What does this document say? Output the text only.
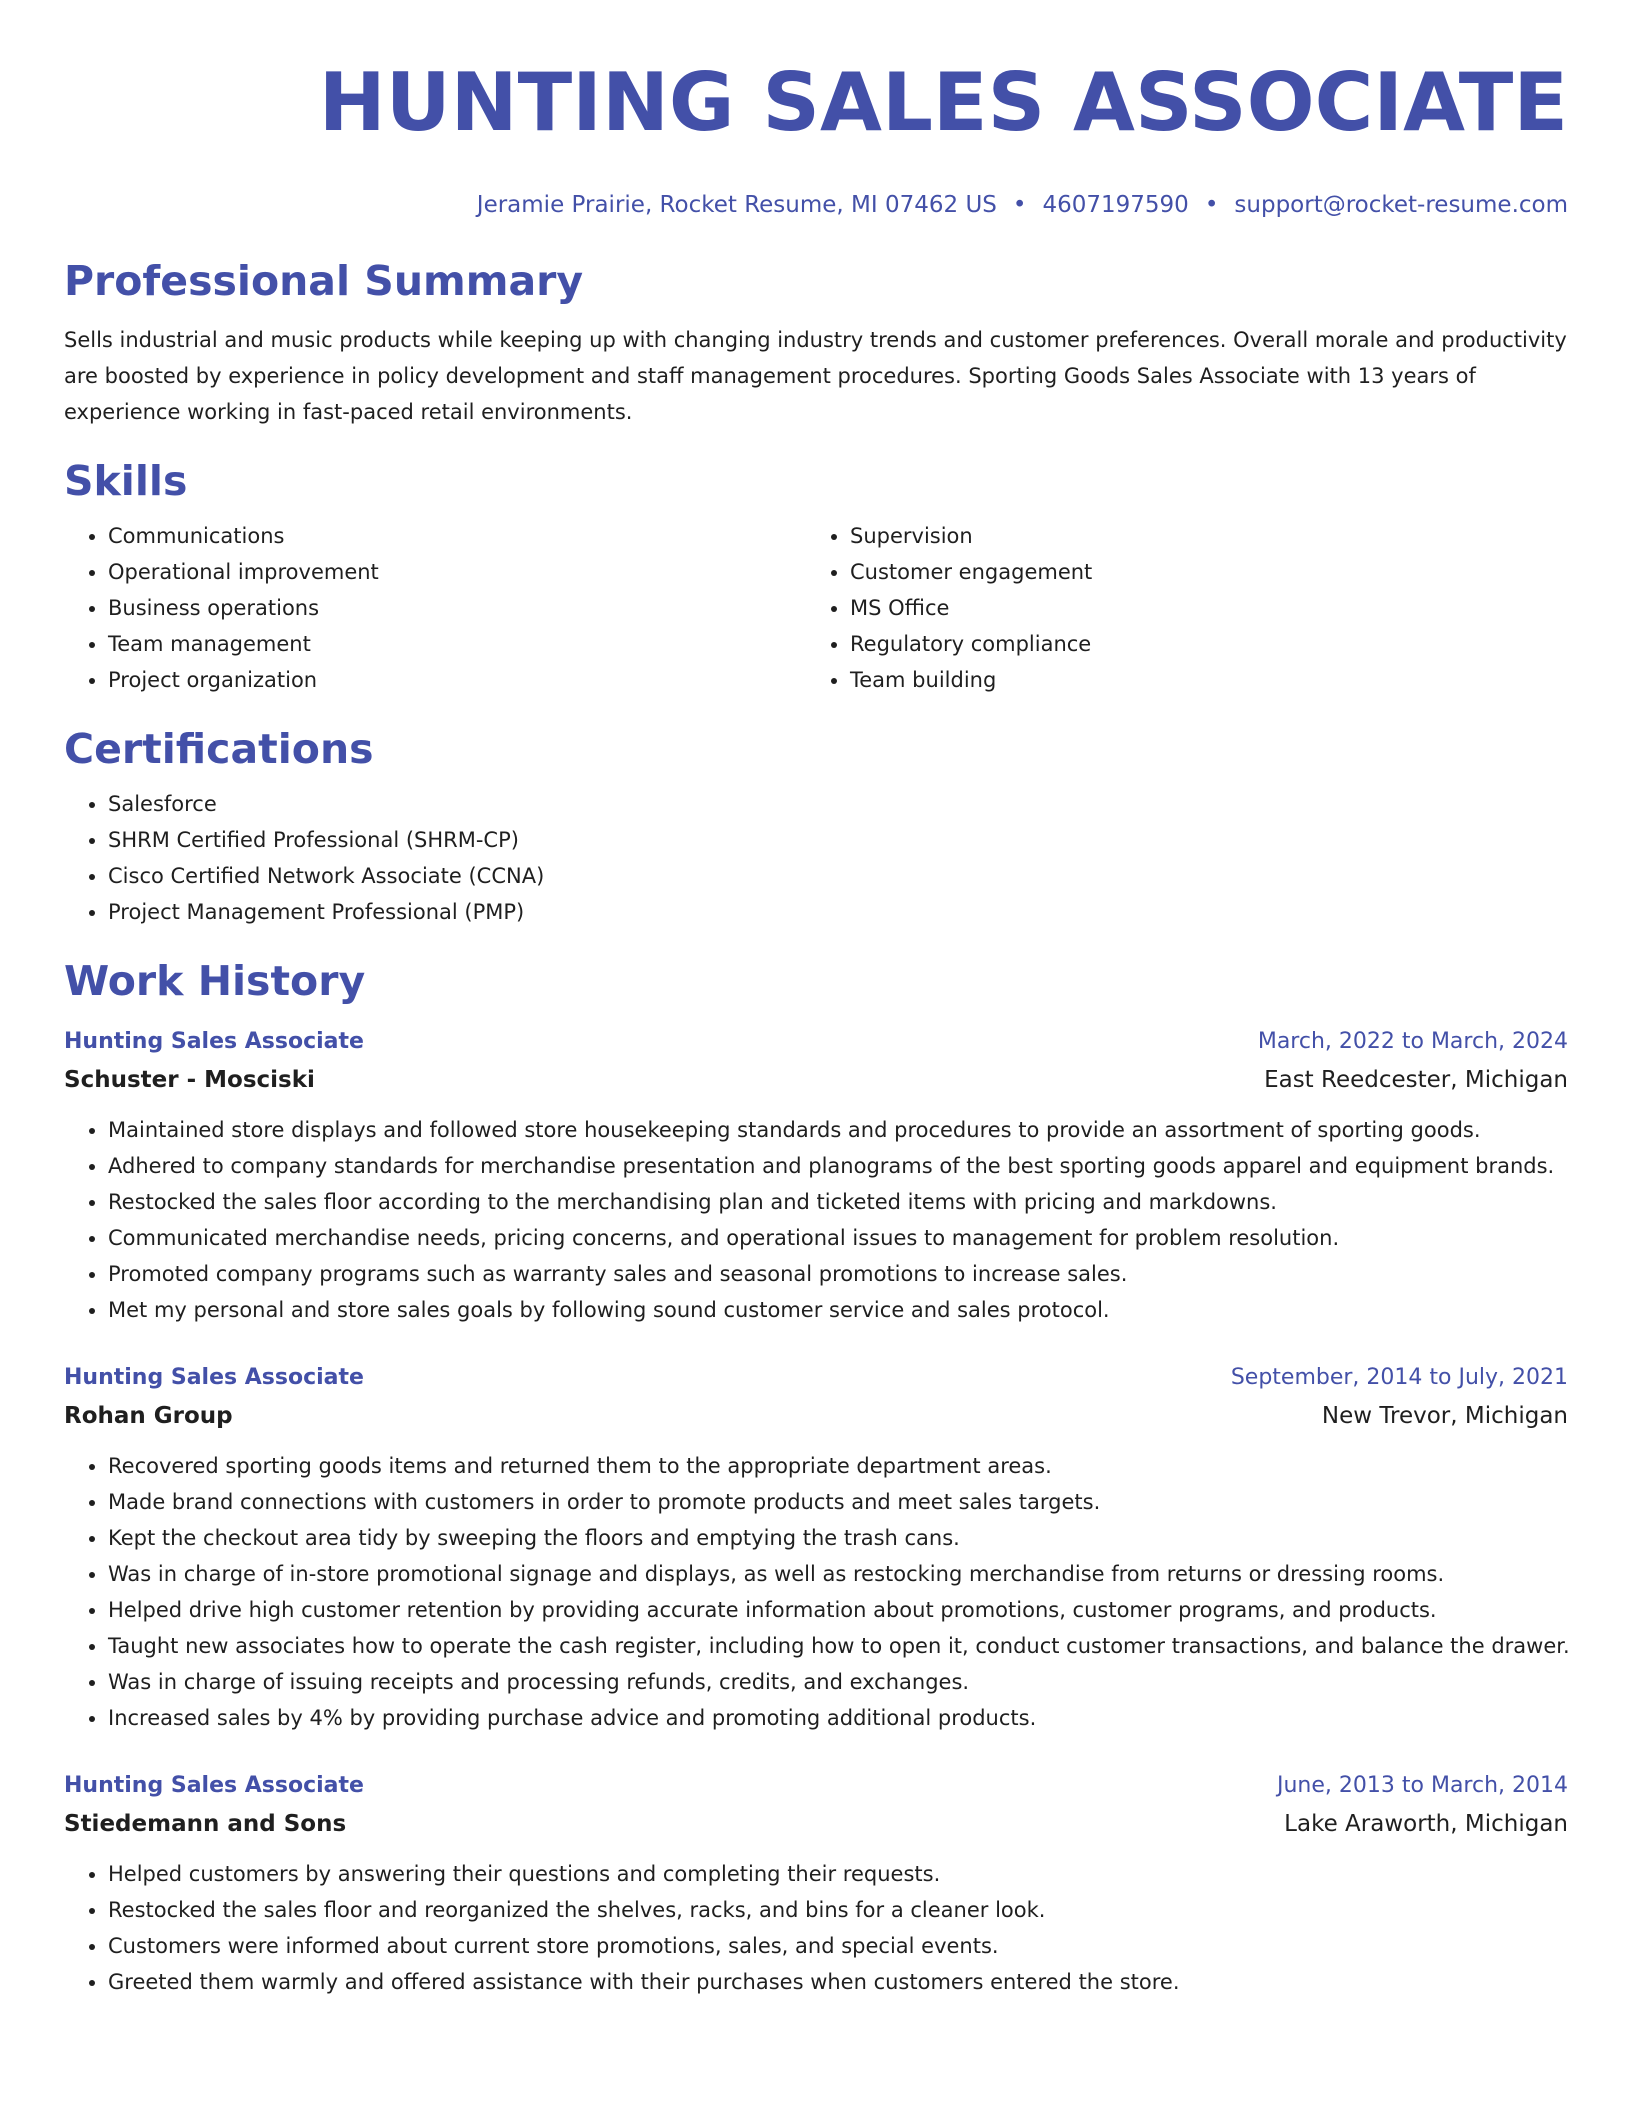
HUNTING SALES ASSOCIATE
Jeramie Prairie, Rocket Resume, MI 07462 US • 4607197590 • support@rocket-resume.com
Professional Summary

Sells industrial and music products while keeping up with changing industry trends and customer preferences. Overall morale and productivity are boosted by experience in policy development and staff management procedures. Sporting Goods Sales Associate with 13 years of experience working in fast-paced retail environments.

Skills
• Communications
• Operational improvement
• Business operations
• Team management
• Project organization
• Supervision
• Customer engagement
• MS Office
• Regulatory compliance
• Team building
Certifications
• Salesforce
• SHRM Certified Professional (SHRM-CP)
• Cisco Certified Network Associate (CCNA)
• Project Management Professional (PMP)
Work History
Hunting Sales Associate	March, 2022 to March, 2024
Schuster - Mosciski	East Reedcester, Michigan
• Maintained store displays and followed store housekeeping standards and procedures to provide an assortment of sporting goods.
• Adhered to company standards for merchandise presentation and planograms of the best sporting goods apparel and equipment brands.
• Restocked the sales floor according to the merchandising plan and ticketed items with pricing and markdowns.
• Communicated merchandise needs, pricing concerns, and operational issues to management for problem resolution.
• Promoted company programs such as warranty sales and seasonal promotions to increase sales.
• Met my personal and store sales goals by following sound customer service and sales protocol.
Hunting Sales Associate	September, 2014 to July, 2021
Rohan Group	New Trevor, Michigan
• Recovered sporting goods items and returned them to the appropriate department areas.
• Made brand connections with customers in order to promote products and meet sales targets.
• Kept the checkout area tidy by sweeping the floors and emptying the trash cans.
• Was in charge of in-store promotional signage and displays, as well as restocking merchandise from returns or dressing rooms.
• Helped drive high customer retention by providing accurate information about promotions, customer programs, and products.
• Taught new associates how to operate the cash register, including how to open it, conduct customer transactions, and balance the drawer.
• Was in charge of issuing receipts and processing refunds, credits, and exchanges.
• Increased sales by 4% by providing purchase advice and promoting additional products.
Hunting Sales Associate	June, 2013 to March, 2014
Stiedemann and Sons	Lake Araworth, Michigan
• Helped customers by answering their questions and completing their requests.
• Restocked the sales floor and reorganized the shelves, racks, and bins for a cleaner look.
• Customers were informed about current store promotions, sales, and special events.
• Greeted them warmly and offered assistance with their purchases when customers entered the store.
